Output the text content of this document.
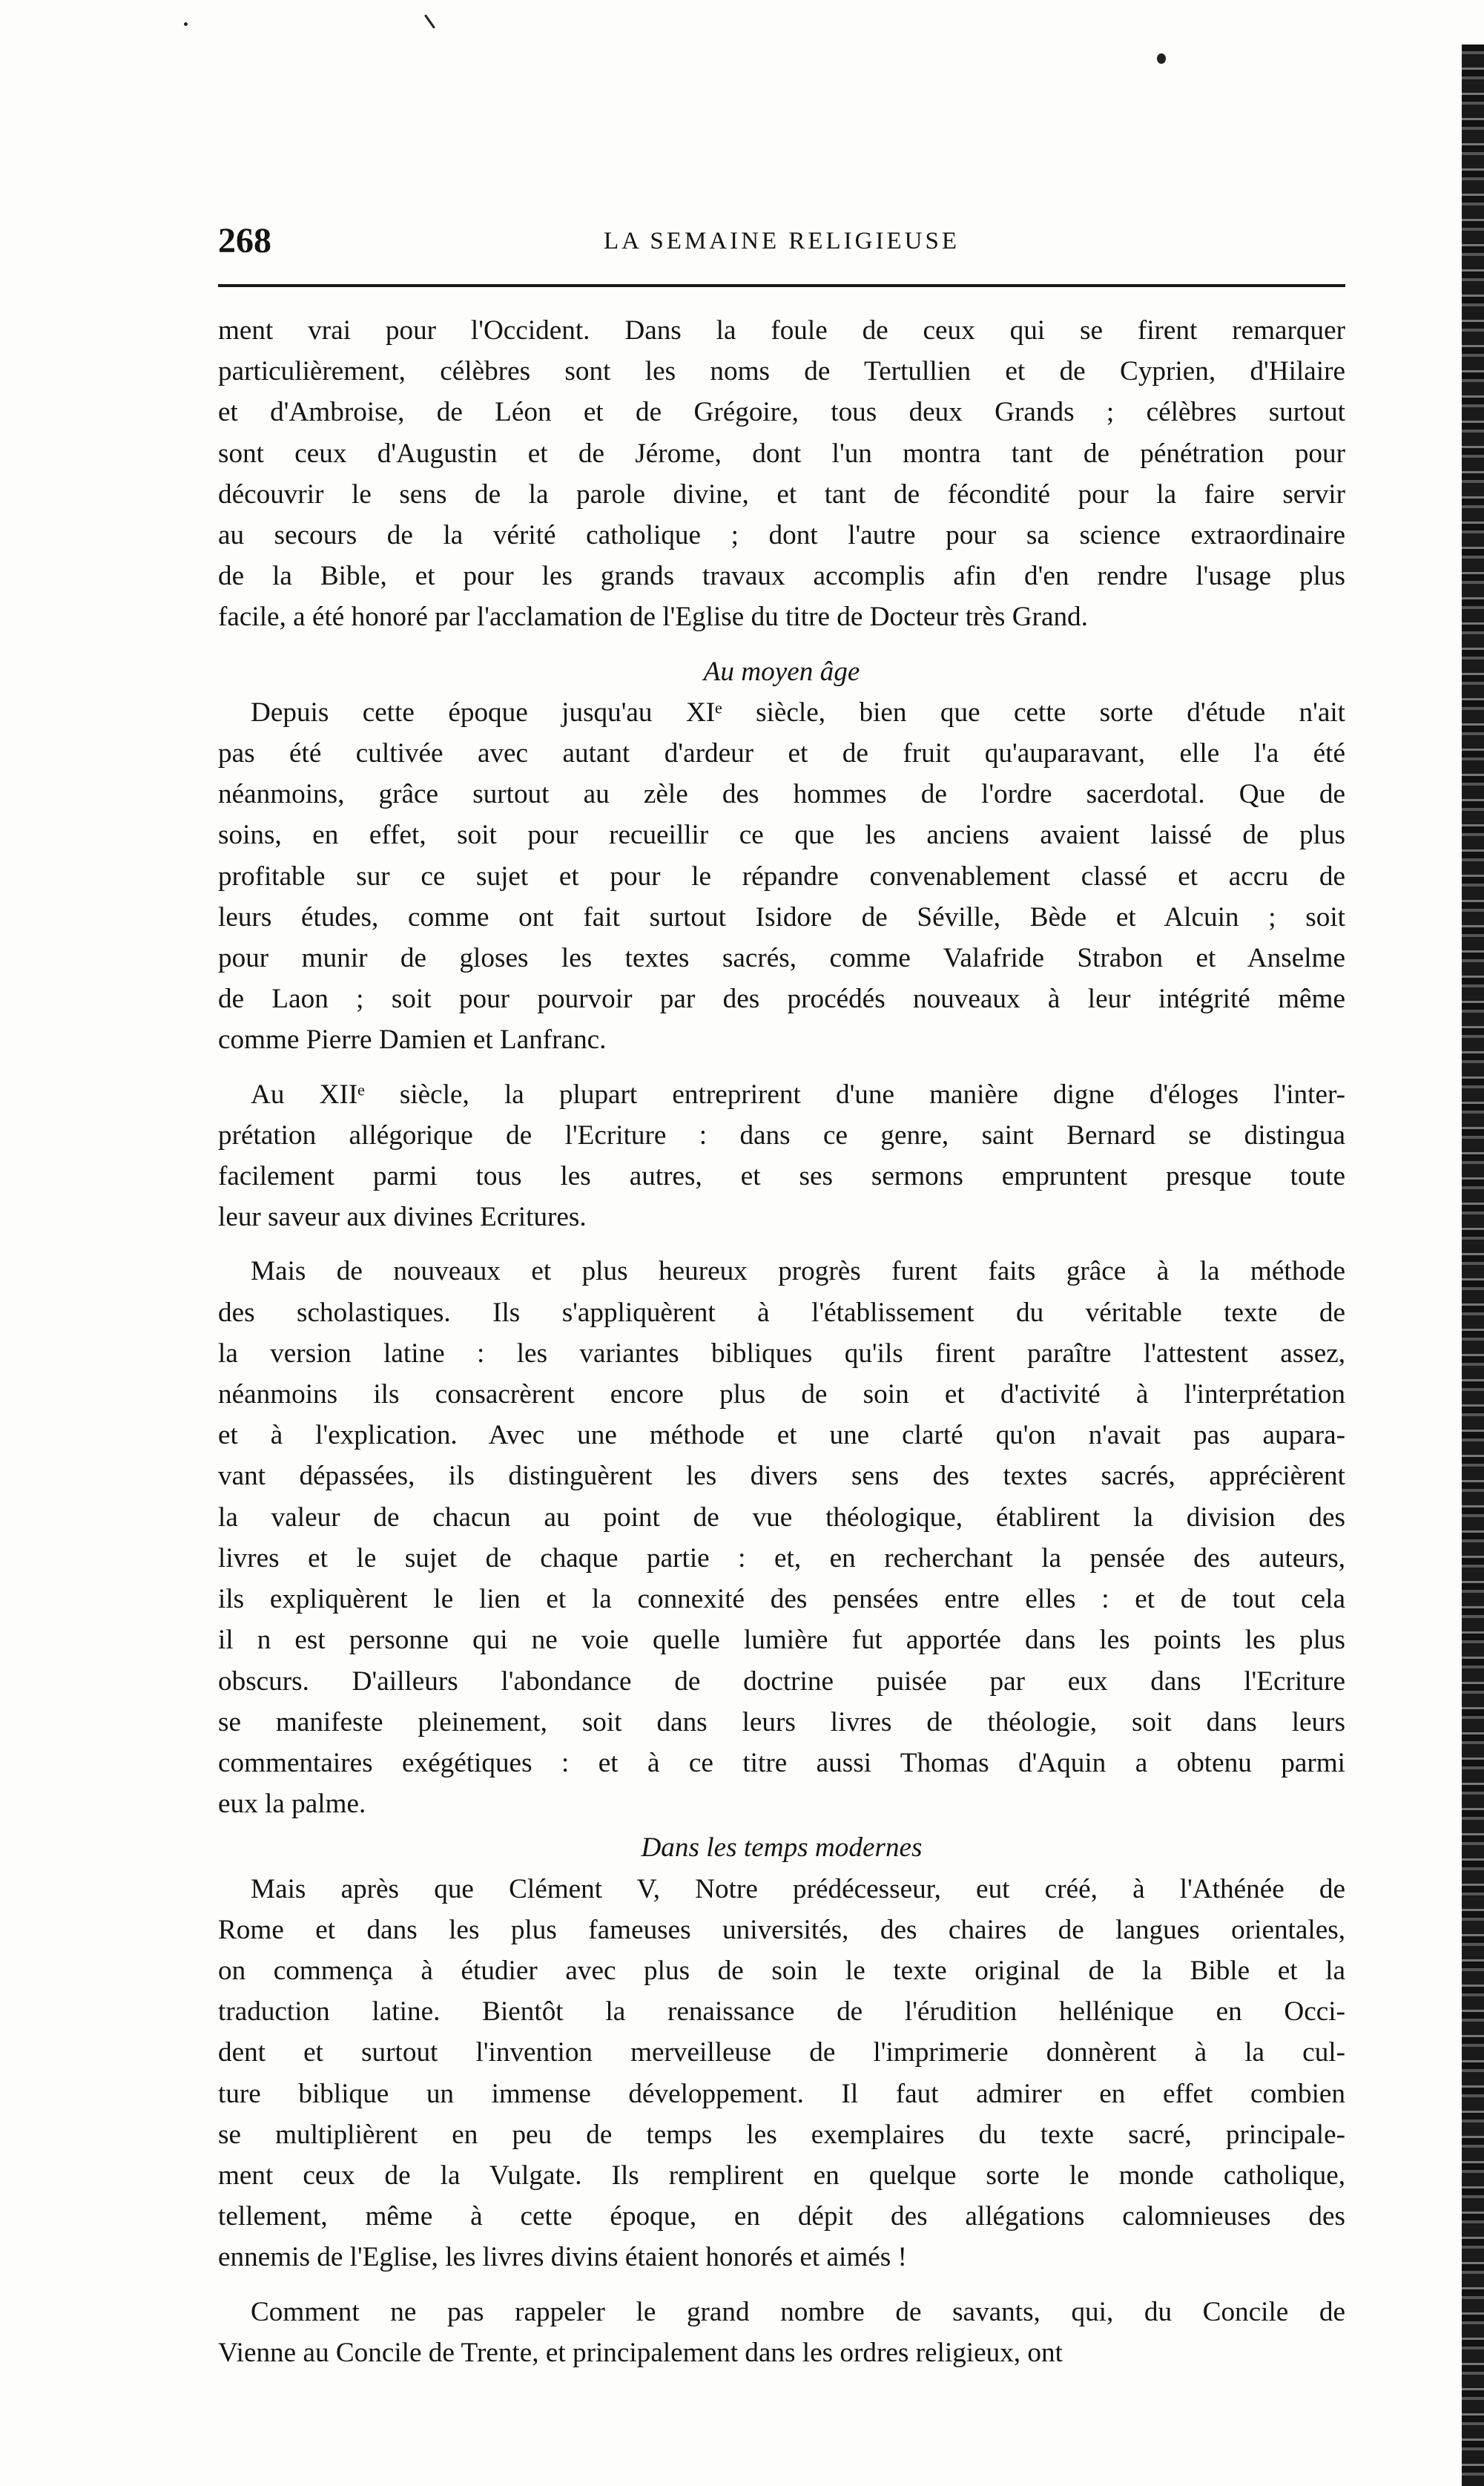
268	LA SEMAINE RELIGIEUSE

ment vrai pour l'Occident. Dans la foule de ceux qui se firent remarquer
particulièrement, célèbres sont les noms de Tertullien et de Cyprien, d'Hilaire
et d'Ambroise, de Léon et de Grégoire, tous deux Grands ; célèbres surtout
sont ceux d'Augustin et de Jérome, dont l'un montra tant de pénétration pour
découvrir le sens de la parole divine, et tant de fécondité pour la faire servir
au secours de la vérité catholique ; dont l'autre pour sa science extraordinaire
de la Bible, et pour les grands travaux accomplis afin d'en rendre l'usage plus
facile, a été honoré par l'acclamation de l'Eglise du titre de Docteur très Grand.

Au moyen âge

Depuis cette époque jusqu'au XIᵉ siècle, bien que cette sorte d'étude n'ait
pas été cultivée avec autant d'ardeur et de fruit qu'auparavant, elle l'a été
néanmoins, grâce surtout au zèle des hommes de l'ordre sacerdotal. Que de
soins, en effet, soit pour recueillir ce que les anciens avaient laissé de plus
profitable sur ce sujet et pour le répandre convenablement classé et accru de
leurs études, comme ont fait surtout Isidore de Séville, Bède et Alcuin ; soit
pour munir de gloses les textes sacrés, comme Valafride Strabon et Anselme
de Laon ; soit pour pourvoir par des procédés nouveaux à leur intégrité même
comme Pierre Damien et Lanfranc.

Au XIIᵉ siècle, la plupart entreprirent d'une manière digne d'éloges l'inter-
prétation allégorique de l'Ecriture : dans ce genre, saint Bernard se distingua
facilement parmi tous les autres, et ses sermons empruntent presque toute
leur saveur aux divines Ecritures.

Mais de nouveaux et plus heureux progrès furent faits grâce à la méthode
des scholastiques. Ils s'appliquèrent à l'établissement du véritable texte de
la version latine : les variantes bibliques qu'ils firent paraître l'attestent assez,
néanmoins ils consacrèrent encore plus de soin et d'activité à l'interprétation
et à l'explication. Avec une méthode et une clarté qu'on n'avait pas aupara-
vant dépassées, ils distinguèrent les divers sens des textes sacrés, apprécièrent
la valeur de chacun au point de vue théologique, établirent la division des
livres et le sujet de chaque partie : et, en recherchant la pensée des auteurs,
ils expliquèrent le lien et la connexité des pensées entre elles : et de tout cela
il n est personne qui ne voie quelle lumière fut apportée dans les points les plus
obscurs. D'ailleurs l'abondance de doctrine puisée par eux dans l'Ecriture
se manifeste pleinement, soit dans leurs livres de théologie, soit dans leurs
commentaires exégétiques : et à ce titre aussi Thomas d'Aquin a obtenu parmi
eux la palme.

Dans les temps modernes

Mais après que Clément V, Notre prédécesseur, eut créé, à l'Athénée de
Rome et dans les plus fameuses universités, des chaires de langues orientales,
on commença à étudier avec plus de soin le texte original de la Bible et la
traduction latine. Bientôt la renaissance de l'érudition hellénique en Occi-
dent et surtout l'invention merveilleuse de l'imprimerie donnèrent à la cul-
ture biblique un immense développement. Il faut admirer en effet combien
se multiplièrent en peu de temps les exemplaires du texte sacré, principale-
ment ceux de la Vulgate. Ils remplirent en quelque sorte le monde catholique,
tellement, même à cette époque, en dépit des allégations calomnieuses des
ennemis de l'Eglise, les livres divins étaient honorés et aimés !

Comment ne pas rappeler le grand nombre de savants, qui, du Concile de
Vienne au Concile de Trente, et principalement dans les ordres religieux, ont
